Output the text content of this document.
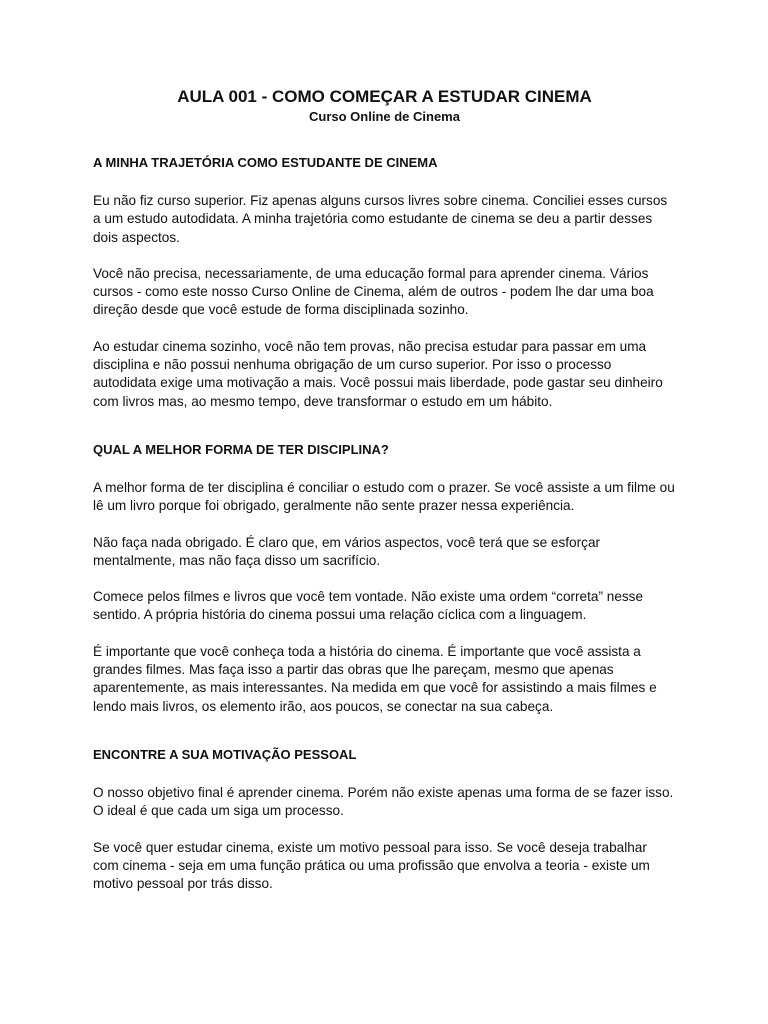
AULA 001 - COMO COMEÇAR A ESTUDAR CINEMA
Curso Online de Cinema
A MINHA TRAJETÓRIA COMO ESTUDANTE DE CINEMA

Eu não fiz curso superior. Fiz apenas alguns cursos livres sobre cinema. Conciliei esses cursos a um estudo autodidata. A minha trajetória como estudante de cinema se deu a partir desses dois aspectos.

Você não precisa, necessariamente, de uma educação formal para aprender cinema. Vários cursos - como este nosso Curso Online de Cinema, além de outros - podem lhe dar uma boa direção desde que você estude de forma disciplinada sozinho.

Ao estudar cinema sozinho, você não tem provas, não precisa estudar para passar em uma disciplina e não possui nenhuma obrigação de um curso superior. Por isso o processo autodidata exige uma motivação a mais. Você possui mais liberdade, pode gastar seu dinheiro com livros mas, ao mesmo tempo, deve transformar o estudo em um hábito.

QUAL A MELHOR FORMA DE TER DISCIPLINA?

A melhor forma de ter disciplina é conciliar o estudo com o prazer. Se você assiste a um filme ou lê um livro porque foi obrigado, geralmente não sente prazer nessa experiência.

Não faça nada obrigado. É claro que, em vários aspectos, você terá que se esforçar mentalmente, mas não faça disso um sacrifício.

Comece pelos filmes e livros que você tem vontade. Não existe uma ordem “correta” nesse sentido. A própria história do cinema possui uma relação cíclica com a linguagem.

É importante que você conheça toda a história do cinema. É importante que você assista a grandes filmes. Mas faça isso a partir das obras que lhe pareçam, mesmo que apenas aparentemente, as mais interessantes. Na medida em que você for assistindo a mais filmes e lendo mais livros, os elemento irão, aos poucos, se conectar na sua cabeça.

ENCONTRE A SUA MOTIVAÇÃO PESSOAL

O nosso objetivo final é aprender cinema. Porém não existe apenas uma forma de se fazer isso. O ideal é que cada um siga um processo.

Se você quer estudar cinema, existe um motivo pessoal para isso. Se você deseja trabalhar com cinema - seja em uma função prática ou uma profissão que envolva a teoria - existe um motivo pessoal por trás disso.
